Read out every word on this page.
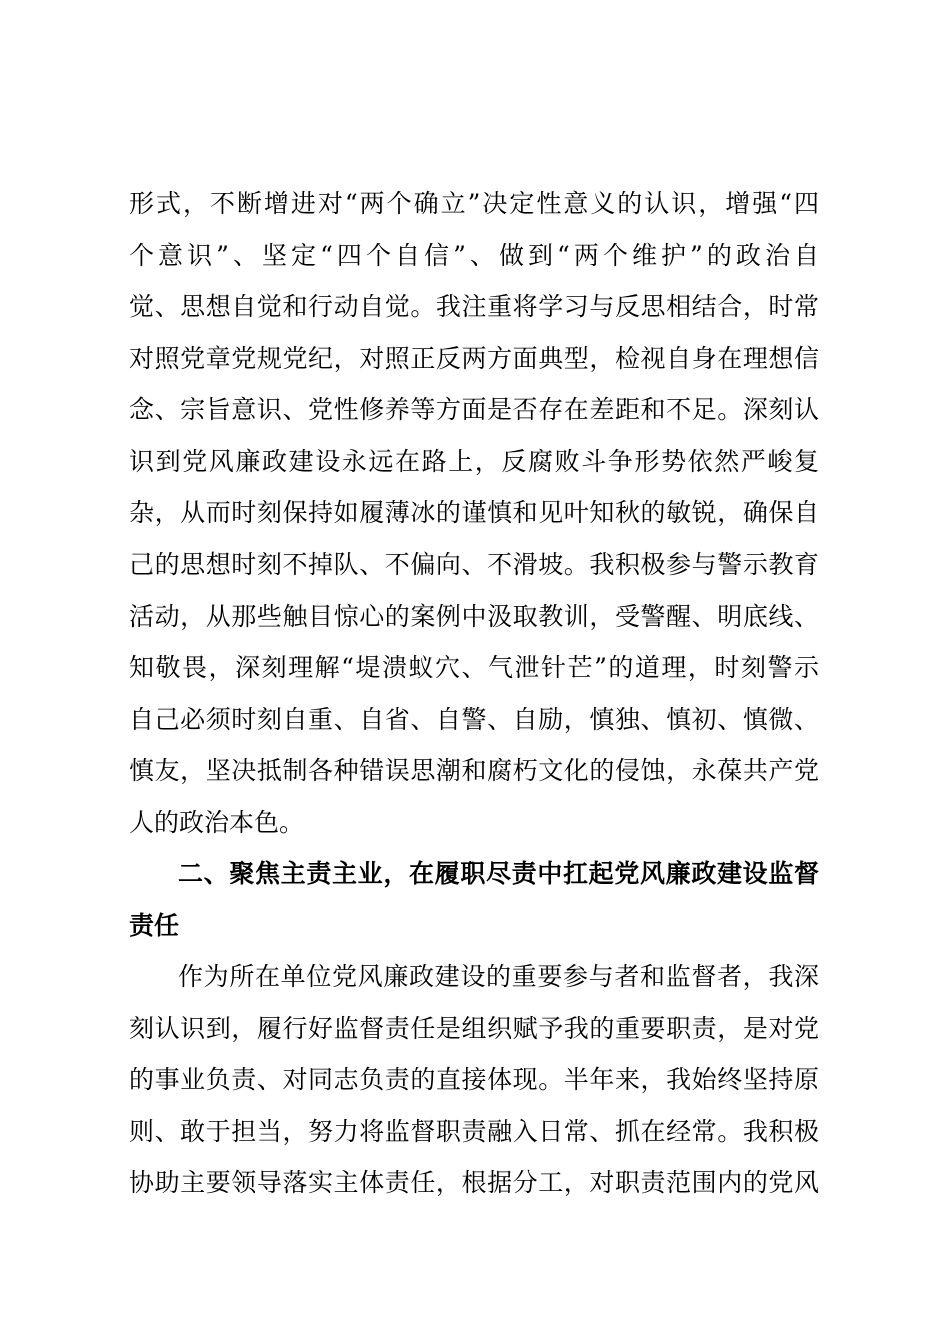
形式，不断增进对“两个确立”决定性意义的认识，增强“四
个意识”、坚定“四个自信”、做到“两个维护”的政治自
觉、思想自觉和行动自觉。我注重将学习与反思相结合，时常
对照党章党规党纪，对照正反两方面典型，检视自身在理想信
念、宗旨意识、党性修养等方面是否存在差距和不足。深刻认
识到党风廉政建设永远在路上，反腐败斗争形势依然严峻复
杂，从而时刻保持如履薄冰的谨慎和见叶知秋的敏锐，确保自
己的思想时刻不掉队、不偏向、不滑坡。我积极参与警示教育
活动，从那些触目惊心的案例中汲取教训，受警醒、明底线、
知敬畏，深刻理解“堤溃蚁穴、气泄针芒”的道理，时刻警示
自己必须时刻自重、自省、自警、自励，慎独、慎初、慎微、
慎友，坚决抵制各种错误思潮和腐朽文化的侵蚀，永葆共产党
人的政治本色。
二、聚焦主责主业，在履职尽责中扛起党风廉政建设监督
责任
作为所在单位党风廉政建设的重要参与者和监督者，我深
刻认识到，履行好监督责任是组织赋予我的重要职责，是对党
的事业负责、对同志负责的直接体现。半年来，我始终坚持原
则、敢于担当，努力将监督职责融入日常、抓在经常。我积极
协助主要领导落实主体责任，根据分工，对职责范围内的党风
